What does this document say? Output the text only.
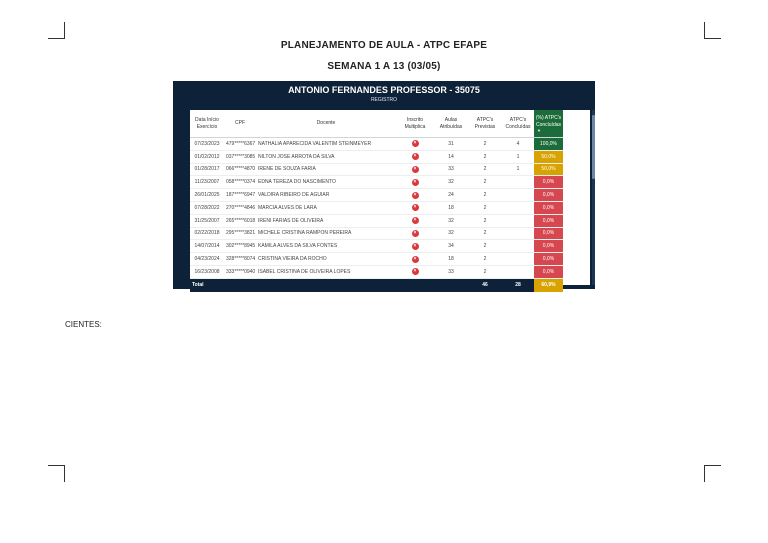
PLANEJAMENTO DE AULA - ATPC EFAPE
SEMANA 1 A 13 (03/05)
ANTONIO FERNANDES PROFESSOR - 35075
REGISTRO
Data Início Exercício	CPF	Docente	Inscrito Multiplica	Aulas Atribuídas	ATPC's Previstas	ATPC's Concluídas	(%) ATPC's Concluídas
▼

07/23/2023	479*****6367	NATHALIA APARECIDA VALENTIM STEINMEYER	×	31	2	4	100,0%
01/02/2012	037*****3085	NILTON JOSE ARROTA DA SILVA	×	14	2	1	50,0%
01/28/2017	066*****4870	IRENE DE SOUZA FARIA	×	33	2	1	50,0%
11/23/2007	058*****0374	EDNA TEREZA DO NASCIMENTO	×	32	2		0,0%
26/01/2025	187*****6947	VALDIRA RIBEIRO DE AGUIAR	×	24	2		0,0%
07/28/2022	270*****4846	MARCIA ALVES DE LARA	×	18	2		0,0%
31/25/2007	265*****6018	IRENI FARIAS DE OLIVEIRA	×	32	2		0,0%
02/22/2018	295*****3821	MICHELE CRISTINA RAMPON PEREIRA	×	32	2		0,0%
14/07/2014	302*****8945	KAMILA ALVES DA SILVA FONTES	×	34	2		0,0%
04/23/2024	328*****8074	CRISTINA VIEIRA DA ROCHO	×	18	2		0,0%
16/23/2008	333*****0940	ISABEL CRISTINA DE OLIVEIRA LOPES	×	33	2		0,0%
Total					46	28	60,9%
CIENTES:
